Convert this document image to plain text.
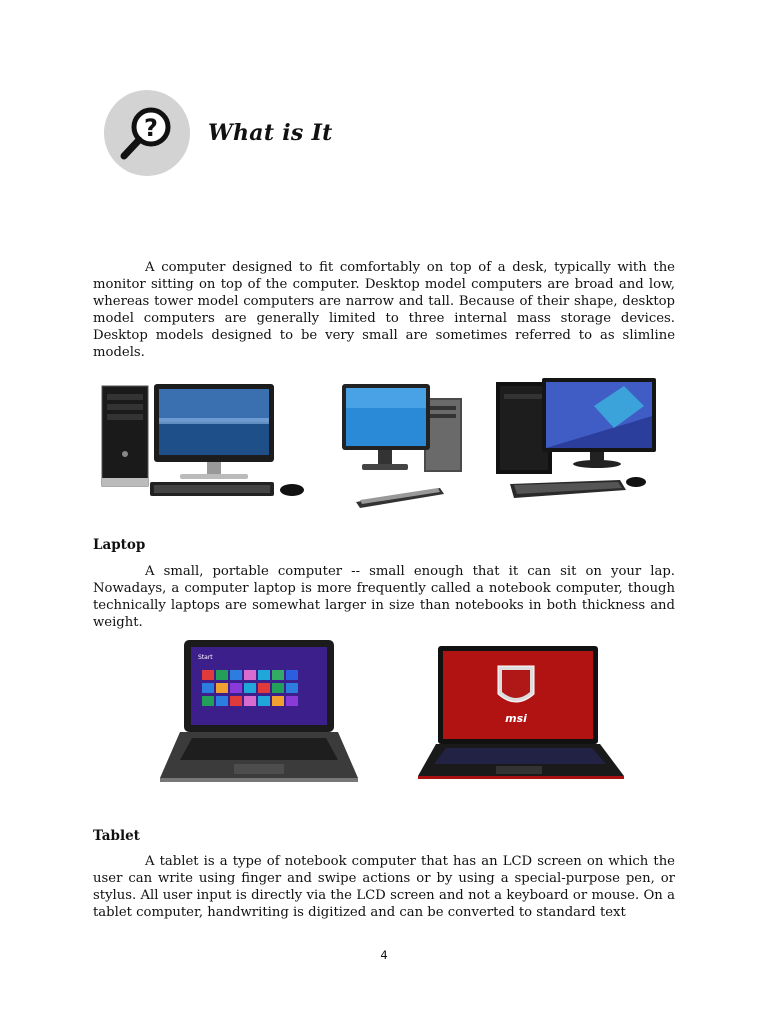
? What is It

A computer designed to fit comfortably on top of a desk, typically with the monitor sitting on top of the computer. Desktop model computers are broad and low, whereas tower model computers are narrow and tall. Because of their shape, desktop model computers are generally limited to three internal mass storage devices. Desktop models designed to be very small are sometimes referred to as slimline models.

Laptop

A small, portable computer -- small enough that it can sit on your lap. Nowadays, a computer laptop is more frequently called a notebook computer, though technically laptops are somewhat larger in size than notebooks in both thickness and weight.

Start
msi
Tablet

A tablet is a type of notebook computer that has an LCD screen on which the user can write using finger and swipe actions or by using a special-purpose pen, or stylus. All user input is directly via the LCD screen and not a keyboard or mouse. On a tablet computer, handwriting is digitized and can be converted to standard text

4
